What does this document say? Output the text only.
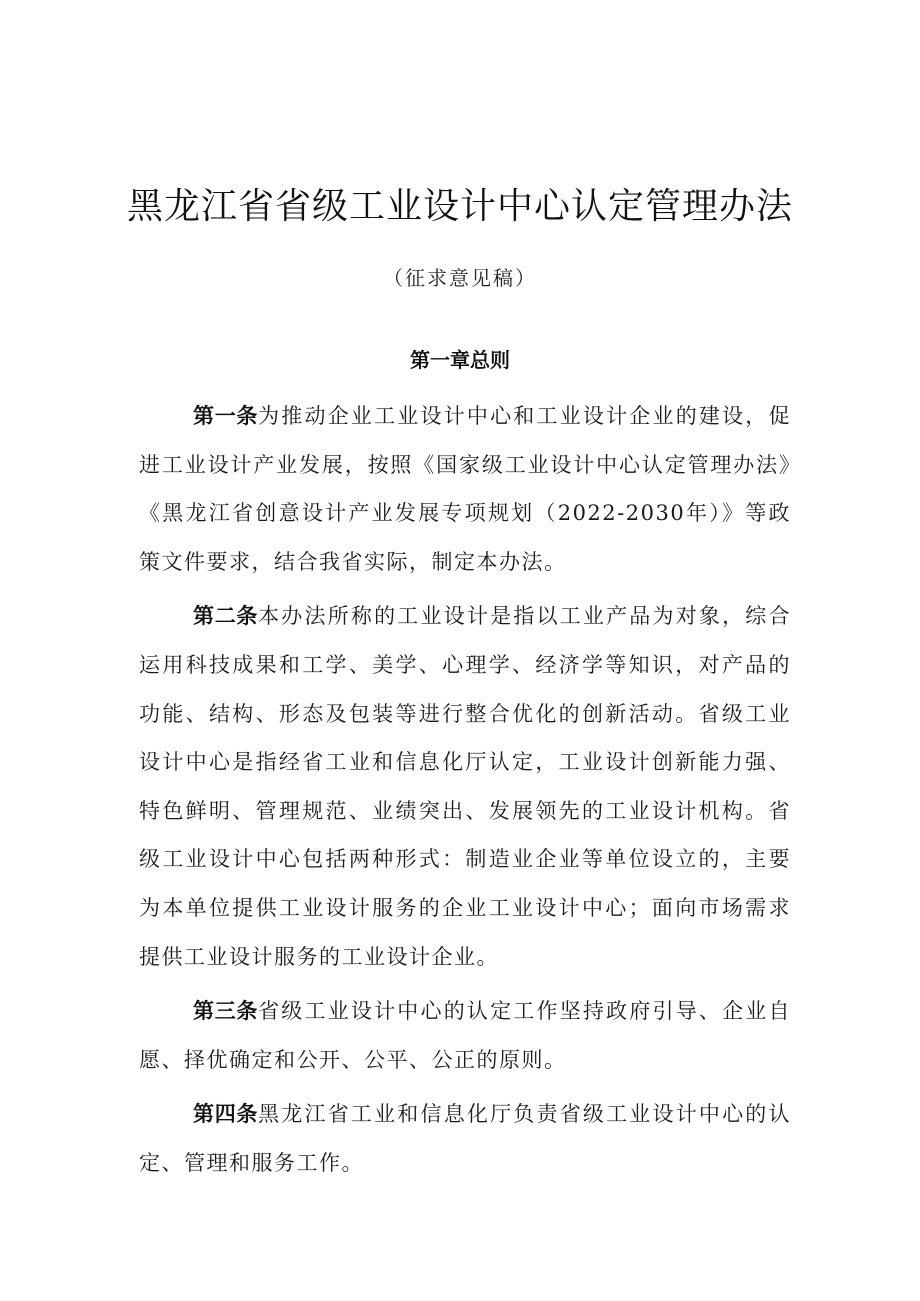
黑龙江省省级工业设计中心认定管理办法
（征求意见稿）
第一章总则

第一条为推动企业工业设计中心和工业设计企业的建设，促进工业设计产业发展，按照《国家级工业设计中心认定管理办法》《黑龙江省创意设计产业发展专项规划（2022-2030年）》等政策文件要求，结合我省实际，制定本办法。

第二条本办法所称的工业设计是指以工业产品为对象，综合运用科技成果和工学、美学、心理学、经济学等知识，对产品的功能、结构、形态及包装等进行整合优化的创新活动。省级工业设计中心是指经省工业和信息化厅认定，工业设计创新能力强、特色鲜明、管理规范、业绩突出、发展领先的工业设计机构。省级工业设计中心包括两种形式：制造业企业等单位设立的，主要为本单位提供工业设计服务的企业工业设计中心；面向市场需求提供工业设计服务的工业设计企业。

第三条省级工业设计中心的认定工作坚持政府引导、企业自愿、择优确定和公开、公平、公正的原则。

第四条黑龙江省工业和信息化厅负责省级工业设计中心的认定、管理和服务工作。
